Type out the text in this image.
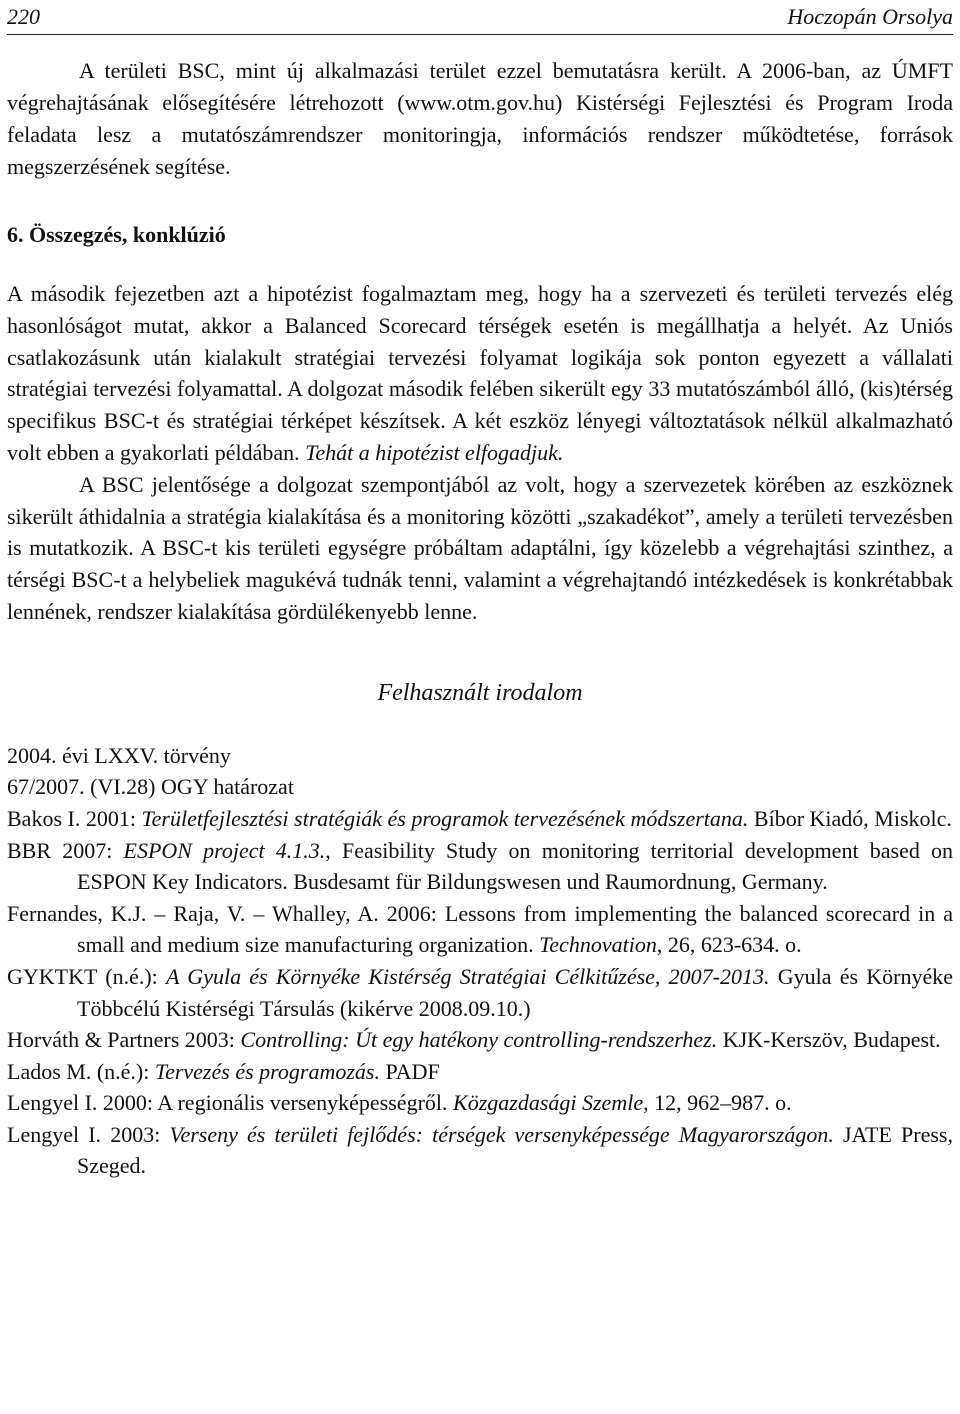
220	Hoczopán Orsolya

A területi BSC, mint új alkalmazási terület ezzel bemutatásra került. A 2006-ban, az ÚMFT végrehajtásának elősegítésére létrehozott (www.otm.gov.hu) Kistérségi Fejlesztési és Program Iroda feladata lesz a mutatószámrendszer monitoringja, információs rendszer működtetése, források megszerzésének segítése.

6. Összegzés, konklúzió

A második fejezetben azt a hipotézist fogalmaztam meg, hogy ha a szervezeti és területi tervezés elég hasonlóságot mutat, akkor a Balanced Scorecard térségek esetén is megállhatja a helyét. Az Uniós csatlakozásunk után kialakult stratégiai tervezési folyamat logikája sok ponton egyezett a vállalati stratégiai tervezési folyamattal. A dolgozat második felében sikerült egy 33 mutatószámból álló, (kis)térség specifikus BSC-t és stratégiai térképet készítsek. A két eszköz lényegi változtatások nélkül alkalmazható volt ebben a gyakorlati példában. Tehát a hipotézist elfogadjuk.

A BSC jelentősége a dolgozat szempontjából az volt, hogy a szervezetek körében az eszköznek sikerült áthidalnia a stratégia kialakítása és a monitoring közötti „szakadékot”, amely a területi tervezésben is mutatkozik. A BSC-t kis területi egységre próbáltam adaptálni, így közelebb a végrehajtási szinthez, a térségi BSC-t a helybeliek magukévá tudnák tenni, valamint a végrehajtandó intézkedések is konkrétabbak lennének, rendszer kialakítása gördülékenyebb lenne.

Felhasznált irodalom

2004. évi LXXV. törvény

67/2007. (VI.28) OGY határozat

Bakos I. 2001: Területfejlesztési stratégiák és programok tervezésének módszertana. Bíbor Kiadó, Miskolc.

BBR 2007: ESPON project 4.1.3., Feasibility Study on monitoring territorial development based on ESPON Key Indicators. Busdesamt für Bildungswesen und Raumordnung, Germany.

Fernandes, K.J. – Raja, V. – Whalley, A. 2006: Lessons from implementing the balanced scorecard in a small and medium size manufacturing organization. Technovation, 26, 623-634. o.

GYKTKT (n.é.): A Gyula és Környéke Kistérség Stratégiai Célkitűzése, 2007-2013. Gyula és Környéke Többcélú Kistérségi Társulás (kikérve 2008.09.10.)

Horváth & Partners 2003: Controlling: Út egy hatékony controlling-rendszerhez. KJK-Kerszöv, Budapest.

Lados M. (n.é.): Tervezés és programozás. PADF

Lengyel I. 2000: A regionális versenyképességről. Közgazdasági Szemle, 12, 962–987. o.

Lengyel I. 2003: Verseny és területi fejlődés: térségek versenyképessége Magyarországon. JATE Press, Szeged.
